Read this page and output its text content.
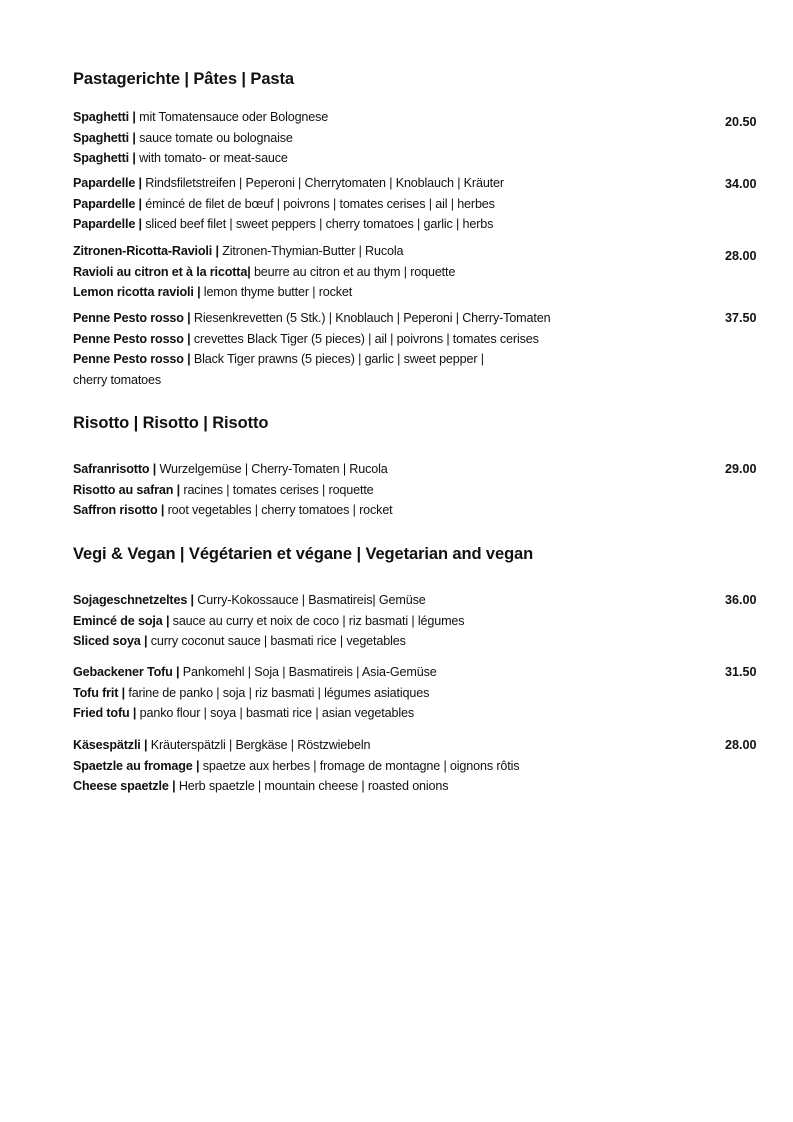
Pastagerichte | Pâtes | Pasta
Spaghetti | mit Tomatensauce oder Bolognese
Spaghetti | sauce tomate ou bolognaise
Spaghetti | with tomato- or meat-sauce
20.50
Papardelle | Rindsfiletstreifen | Peperoni | Cherrytomaten | Knoblauch | Kräuter
Papardelle | émincé de filet de bœuf | poivrons | tomates cerises | ail | herbes
Papardelle | sliced beef filet | sweet peppers | cherry tomatoes | garlic | herbs
34.00
Zitronen-Ricotta-Ravioli | Zitronen-Thymian-Butter | Rucola
Ravioli au citron et à la ricotta| beurre au citron et au thym | roquette
Lemon ricotta ravioli | lemon thyme butter | rocket
28.00
Penne Pesto rosso | Riesenkrevetten (5 Stk.) | Knoblauch | Peperoni | Cherry-Tomaten
Penne Pesto rosso | crevettes Black Tiger (5 pieces) | ail | poivrons | tomates cerises
Penne Pesto rosso | Black Tiger prawns (5 pieces) | garlic | sweet pepper |
cherry tomatoes
37.50
Risotto | Risotto | Risotto
Safranrisotto | Wurzelgemüse | Cherry-Tomaten | Rucola
Risotto au safran | racines | tomates cerises | roquette
Saffron risotto | root vegetables | cherry tomatoes | rocket
29.00
Vegi & Vegan | Végétarien et végane | Vegetarian and vegan
Sojageschnetzeltes | Curry-Kokossauce | Basmatireis| Gemüse
Emincé de soja | sauce au curry et noix de coco | riz basmati | légumes
Sliced soya | curry coconut sauce | basmati rice | vegetables
36.00
Gebackener Tofu | Pankomehl | Soja | Basmatireis | Asia-Gemüse
Tofu frit | farine de panko | soja | riz basmati | légumes asiatiques
Fried tofu | panko flour | soya | basmati rice | asian vegetables
31.50
Käsespätzli | Kräuterspätzli | Bergkäse | Röstzwiebeln
Spaetzle au fromage | spaetze aux herbes | fromage de montagne | oignons rôtis
Cheese spaetzle | Herb spaetzle | mountain cheese | roasted onions
28.00
